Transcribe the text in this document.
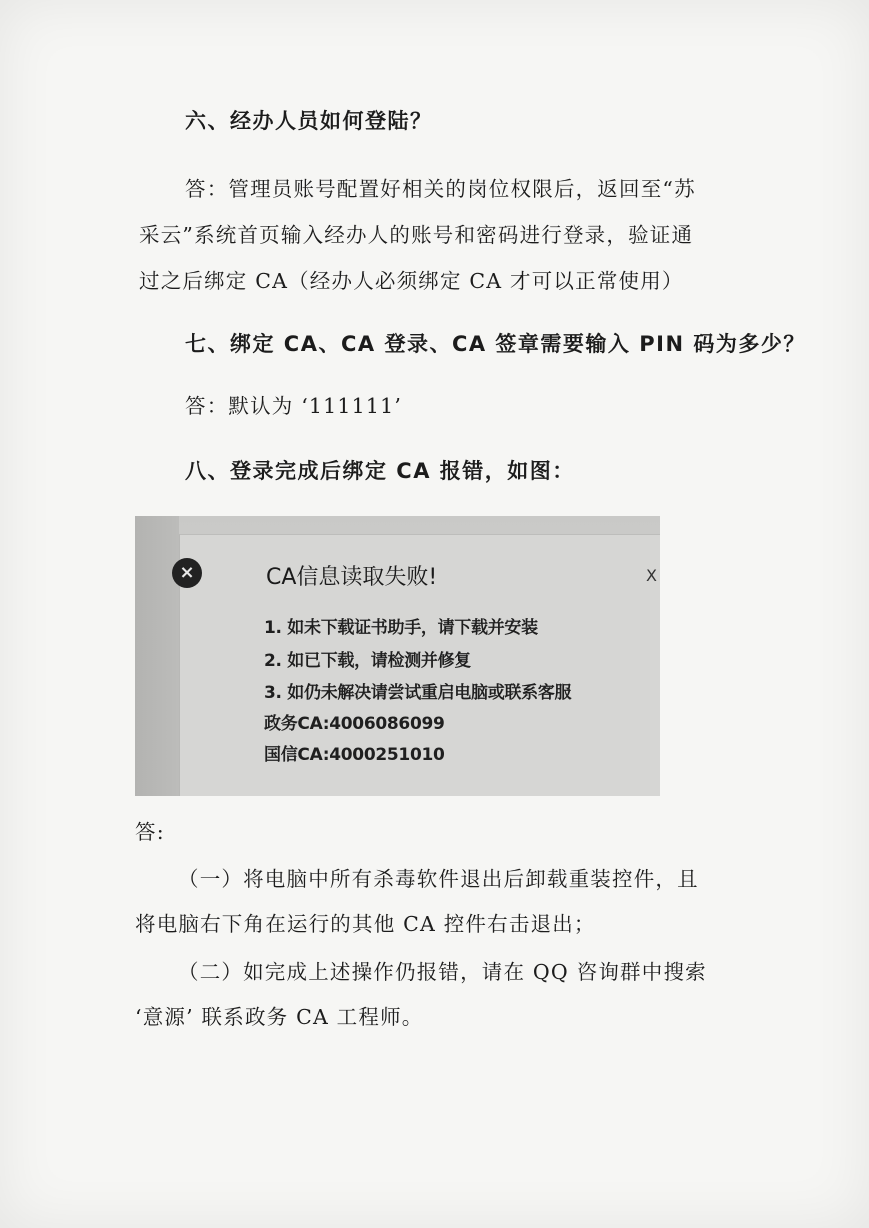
六、经办人员如何登陆？
答：管理员账号配置好相关的岗位权限后，返回至“苏
采云”系统首页输入经办人的账号和密码进行登录，验证通
过之后绑定 CA（经办人必须绑定 CA 才可以正常使用）
七、绑定 CA、CA 登录、CA 签章需要输入 PIN 码为多少？
答：默认为 ‘111111’
八、登录完成后绑定 CA 报错，如图：
×	X
CA信息读取失败!
1. 如未下载证书助手，请下载并安装
2. 如已下载，请检测并修复
3. 如仍未解决请尝试重启电脑或联系客服
政务CA:4006086099
国信CA:4000251010
答:
（一）将电脑中所有杀毒软件退出后卸载重装控件，且
将电脑右下角在运行的其他 CA 控件右击退出；
（二）如完成上述操作仍报错，请在 QQ 咨询群中搜索
‘意源’ 联系政务 CA 工程师。
